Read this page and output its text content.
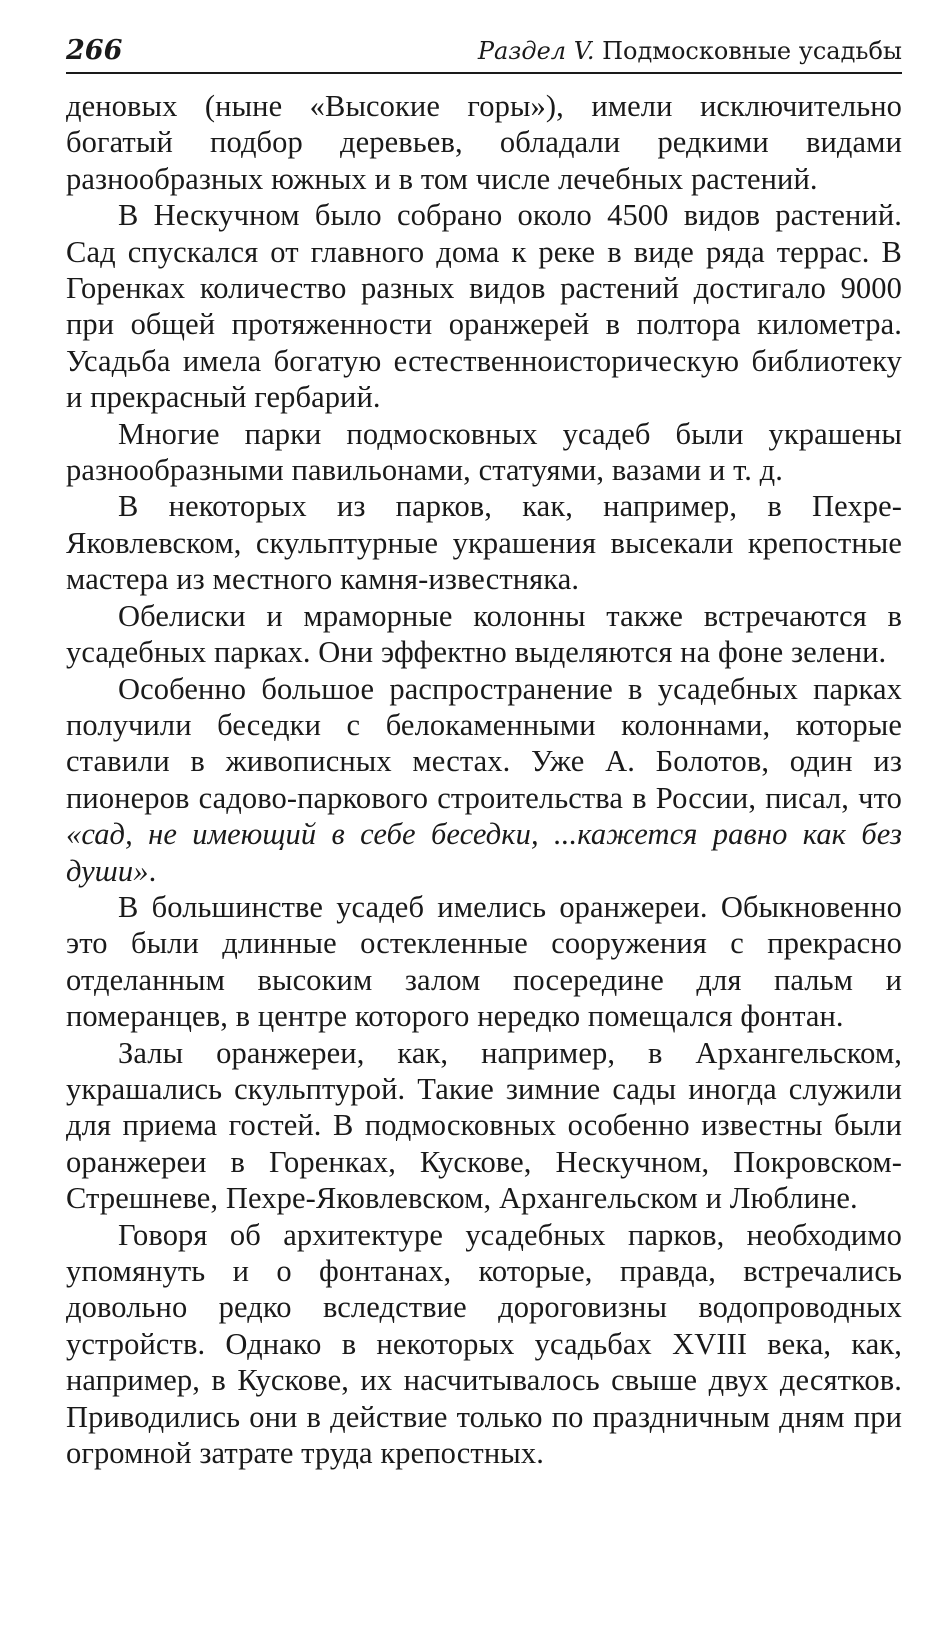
266	Раздел V. Подмосковные усадьбы

деновых (ныне «Высокие горы»), имели исключительно богатый подбор деревьев, обладали редкими видами разнообразных южных и в том числе лечебных растений.

В Нескучном было собрано около 4500 видов растений. Сад спускался от главного дома к реке в виде ряда террас. В Горенках количество разных видов растений достигало 9000 при общей протяженности оранжерей в полтора километра. Усадьба имела богатую естественноисторическую библиотеку и прекрасный гербарий.

Многие парки подмосковных усадеб были украшены разнообразными павильонами, статуями, вазами и т. д.

В некоторых из парков, как, например, в Пехре-Яковлевском, скульптурные украшения высекали крепостные мастера из местного камня-известняка.

Обелиски и мраморные колонны также встречаются в усадебных парках. Они эффектно выделяются на фоне зелени.

Особенно большое распространение в усадебных парках получили беседки с белокаменными колоннами, которые ставили в живописных местах. Уже А. Болотов, один из пионеров садово-паркового строительства в России, писал, что «сад, не имеющий в себе беседки, ...кажется равно как без души».

В большинстве усадеб имелись оранжереи. Обыкновенно это были длинные остекленные сооружения с прекрасно отделанным высоким залом посередине для пальм и померанцев, в центре которого нередко помещался фонтан.

Залы оранжереи, как, например, в Архангельском, украшались скульптурой. Такие зимние сады иногда служили для приема гостей. В подмосковных особенно известны были оранжереи в Горенках, Кускове, Нескучном, Покровском-Стрешневе, Пехре-Яковлевском, Архангельском и Люблине.

Говоря об архитектуре усадебных парков, необходимо упомянуть и о фонтанах, которые, правда, встречались довольно редко вследствие дороговизны водопроводных устройств. Однако в некоторых усадьбах XVIII века, как, например, в Кускове, их насчитывалось свыше двух десятков. Приводились они в действие только по праздничным дням при огромной затрате труда крепостных.
